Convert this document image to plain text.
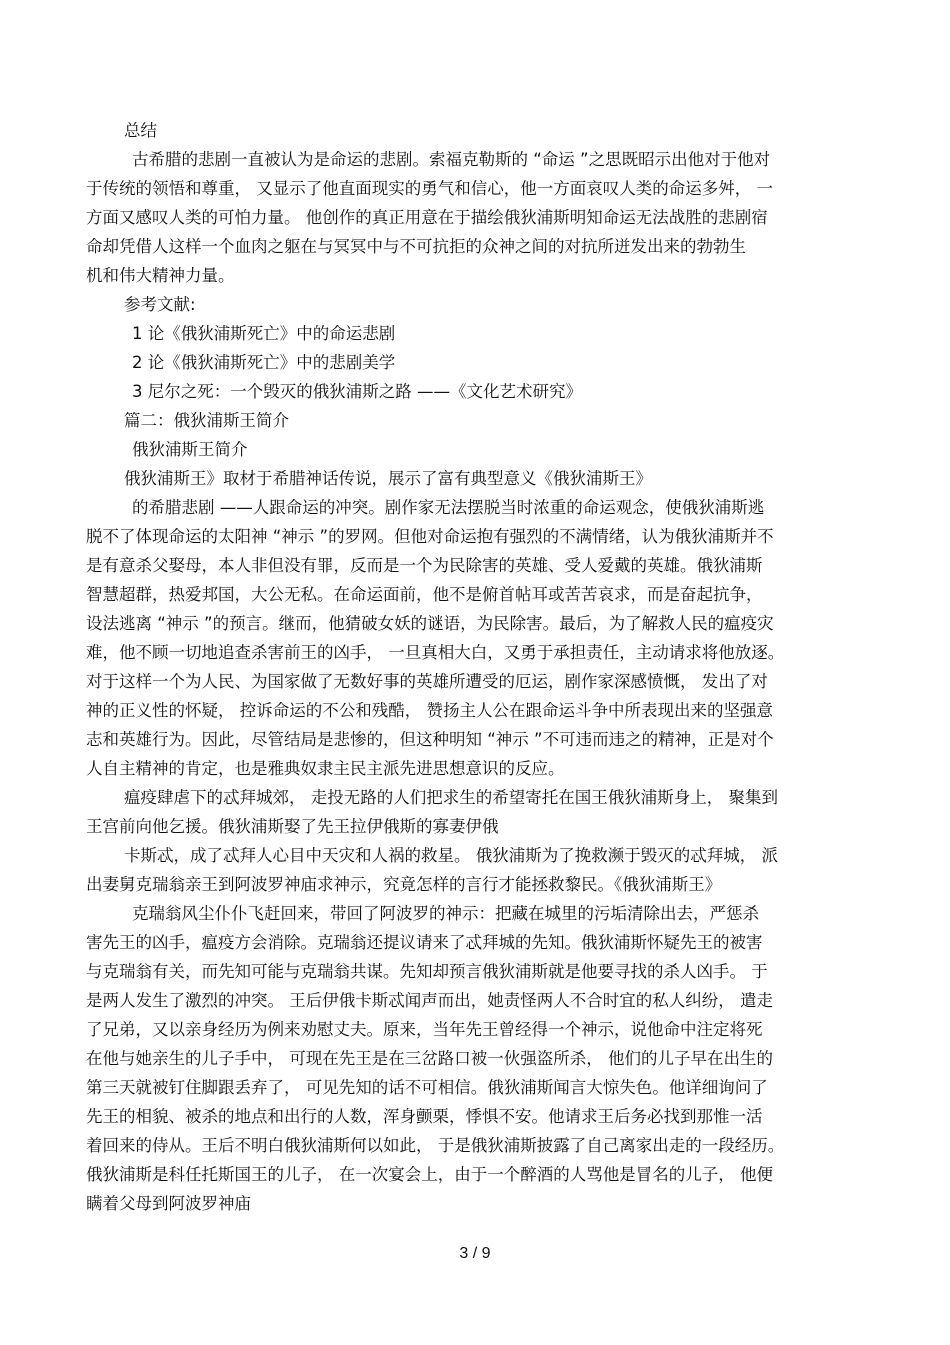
总结
古希腊的悲剧一直被认为是命运的悲剧。索福克勒斯的 “命运 ”之思既昭示出他对于他对
于传统的领悟和尊重， 又显示了他直面现实的勇气和信心，他一方面哀叹人类的命运多舛， 一
方面又感叹人类的可怕力量。 他创作的真正用意在于描绘俄狄浦斯明知命运无法战胜的悲剧宿
命却凭借人这样一个血肉之躯在与冥冥中与不可抗拒的众神之间的对抗所迸发出来的勃勃生
机和伟大精神力量。
参考文献:
1 论《俄狄浦斯死亡》中的命运悲剧
2 论《俄狄浦斯死亡》中的悲剧美学
3 尼尔之死：一个毁灭的俄狄浦斯之路 ——《文化艺术研究》
篇二：俄狄浦斯王简介
俄狄浦斯王简介
俄狄浦斯王》取材于希腊神话传说，展示了富有典型意义《俄狄浦斯王》
的希腊悲剧 ——人跟命运的冲突。剧作家无法摆脱当时浓重的命运观念，使俄狄浦斯逃
脱不了体现命运的太阳神 “神示 ”的罗网。但他对命运抱有强烈的不满情绪，认为俄狄浦斯并不
是有意杀父娶母，本人非但没有罪，反而是一个为民除害的英雄、受人爱戴的英雄。俄狄浦斯
智慧超群，热爱邦国，大公无私。在命运面前，他不是俯首帖耳或苦苦哀求，而是奋起抗争，
设法逃离 “神示 ”的预言。继而，他猜破女妖的谜语，为民除害。最后，为了解救人民的瘟疫灾
难，他不顾一切地追查杀害前王的凶手， 一旦真相大白，又勇于承担责任，主动请求将他放逐。
对于这样一个为人民、为国家做了无数好事的英雄所遭受的厄运，剧作家深感愤慨， 发出了对
神的正义性的怀疑， 控诉命运的不公和残酷， 赞扬主人公在跟命运斗争中所表现出来的坚强意
志和英雄行为。因此，尽管结局是悲惨的，但这种明知 “神示 ”不可违而违之的精神，正是对个
人自主精神的肯定，也是雅典奴隶主民主派先进思想意识的反应。
瘟疫肆虐下的忒拜城郊， 走投无路的人们把求生的希望寄托在国王俄狄浦斯身上， 聚集到
王宫前向他乞援。俄狄浦斯娶了先王拉伊俄斯的寡妻伊俄
卡斯忒，成了忒拜人心目中天灾和人祸的救星。 俄狄浦斯为了挽救濒于毁灭的忒拜城， 派
出妻舅克瑞翁亲王到阿波罗神庙求神示，究竟怎样的言行才能拯救黎民。《俄狄浦斯王》
克瑞翁风尘仆仆飞赶回来，带回了阿波罗的神示：把藏在城里的污垢清除出去，严惩杀
害先王的凶手，瘟疫方会消除。克瑞翁还提议请来了忒拜城的先知。俄狄浦斯怀疑先王的被害
与克瑞翁有关，而先知可能与克瑞翁共谋。先知却预言俄狄浦斯就是他要寻找的杀人凶手。 于
是两人发生了激烈的冲突。 王后伊俄卡斯忒闻声而出，她责怪两人不合时宜的私人纠纷， 遣走
了兄弟，又以亲身经历为例来劝慰丈夫。原来，当年先王曾经得一个神示，说他命中注定将死
在他与她亲生的儿子手中， 可现在先王是在三岔路口被一伙强盗所杀， 他们的儿子早在出生的
第三天就被钉住脚跟丢弃了， 可见先知的话不可相信。俄狄浦斯闻言大惊失色。他详细询问了
先王的相貌、被杀的地点和出行的人数，浑身颤栗，悸惧不安。他请求王后务必找到那惟一活
着回来的侍从。王后不明白俄狄浦斯何以如此， 于是俄狄浦斯披露了自己离家出走的一段经历。
俄狄浦斯是科任托斯国王的儿子， 在一次宴会上，由于一个醉酒的人骂他是冒名的儿子， 他便
瞒着父母到阿波罗神庙
3 / 9
